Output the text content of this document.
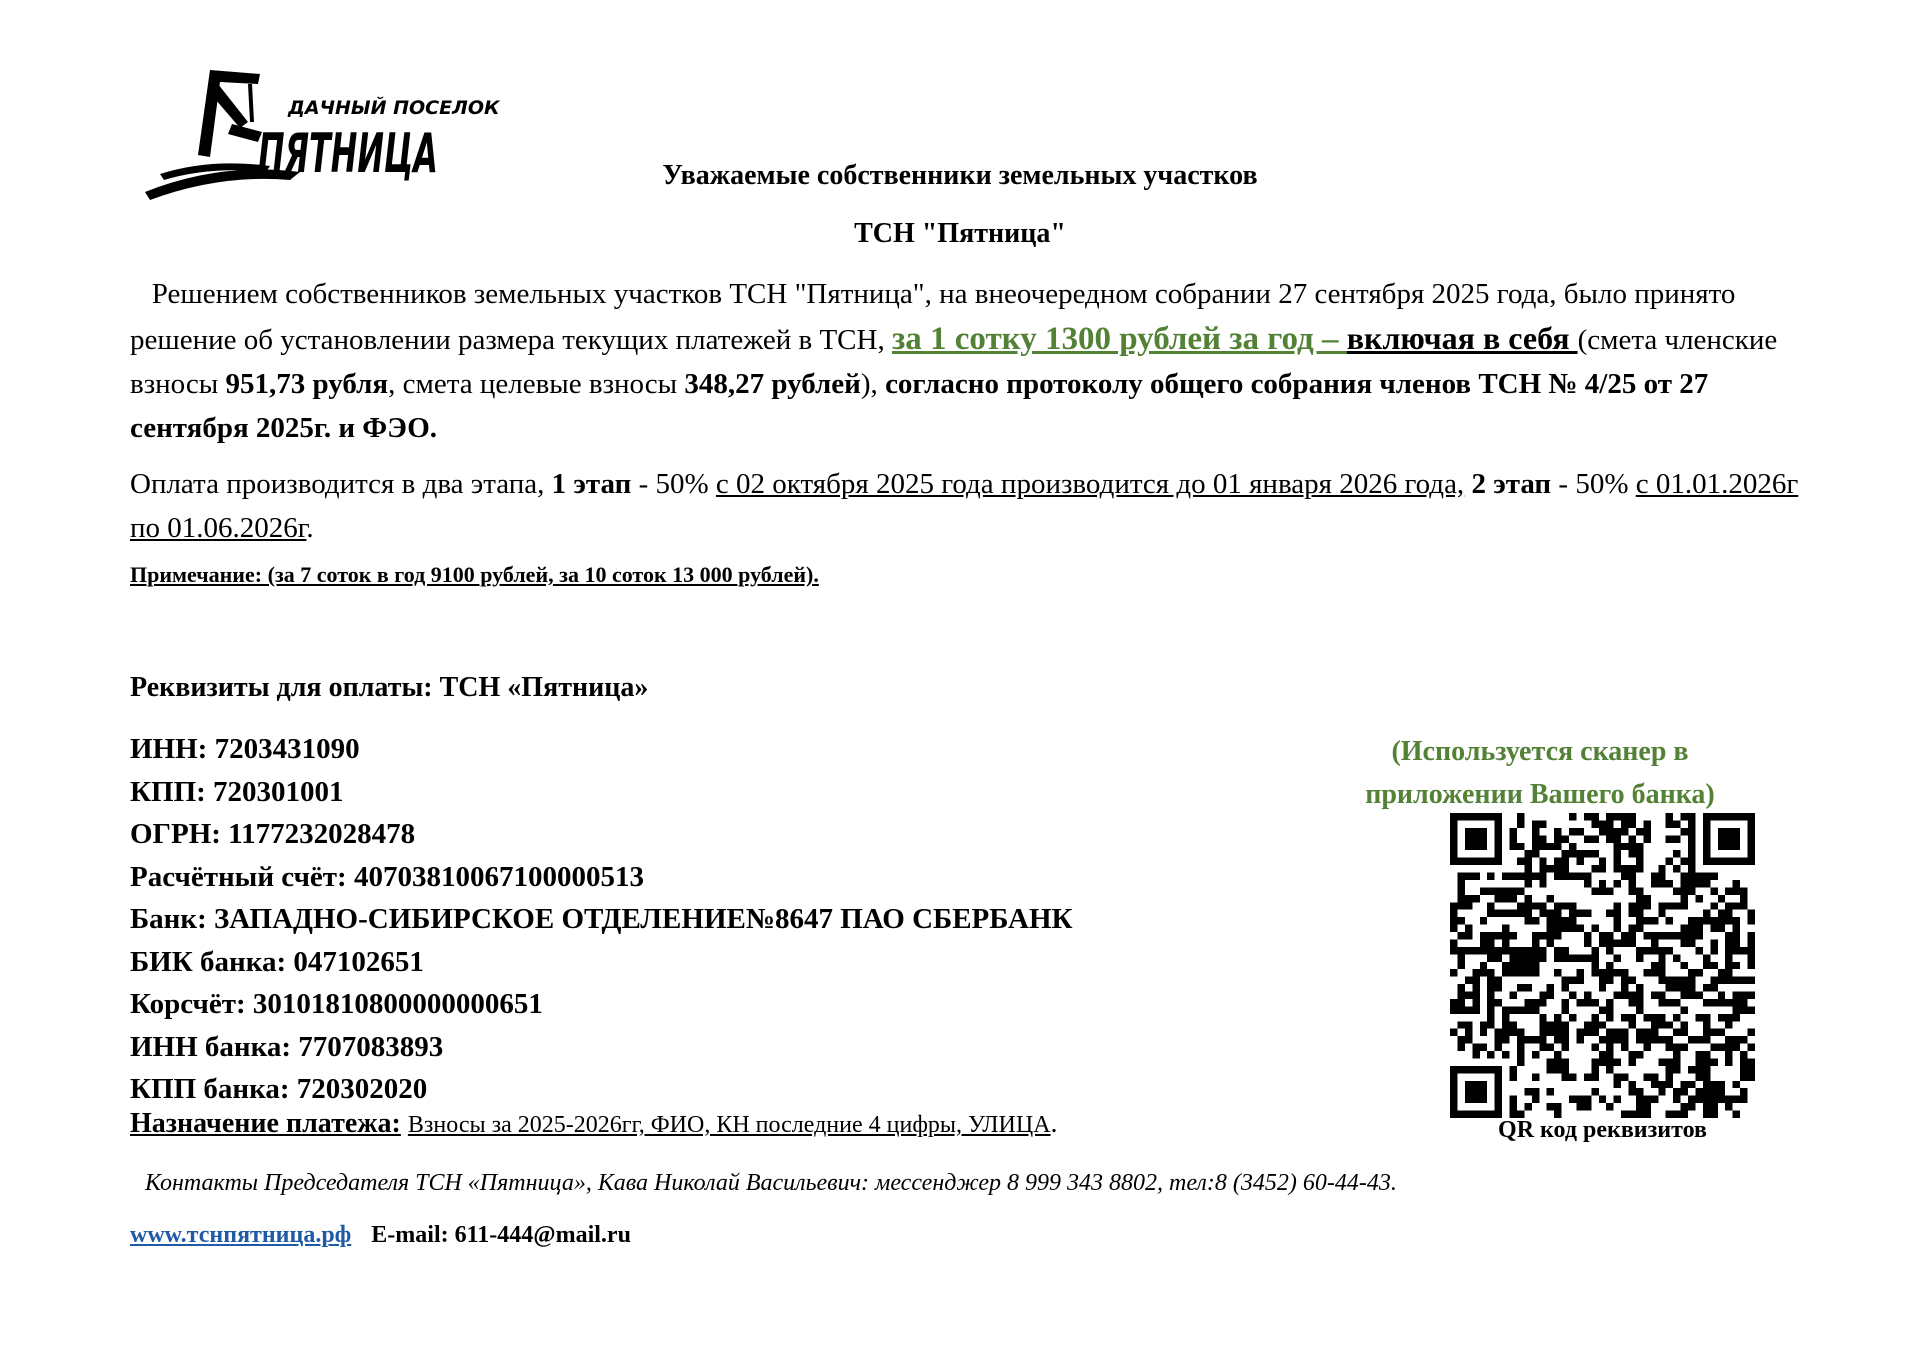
ДАЧНЫЙ ПОСЕЛОК
ПЯТНИЦА	Уважаемые собственники земельных участков
ТСН "Пятница"
Решением собственников земельных участков ТСН "Пятница", на внеочередном собрании 27 сентября 2025 года, было принято решение об установлении размера текущих платежей в ТСН, за 1 сотку 1300 рублей за год – включая в себя (смета членские взносы 951,73 рубля, смета целевые взносы 348,27 рублей), согласно протоколу общего собрания членов ТСН № 4/25 от 27 сентября 2025г. и ФЭО.
Оплата производится в два этапа, 1 этап - 50% с 02 октября 2025 года производится до 01 января 2026 года, 2 этап - 50% с 01.01.2026г по 01.06.2026г.
Примечание: (за 7 соток в год 9100 рублей, за 10 соток 13 000 рублей).
Реквизиты для оплаты: ТСН «Пятница»
ИНН: 7203431090
КПП: 720301001
ОГРН: 1177232028478
Расчётный счёт: 40703810067100000513
Банк: ЗАПАДНО-СИБИРСКОЕ ОТДЕЛЕНИЕ№8647 ПАО СБЕРБАНК
БИК банка: 047102651
Корсчёт: 30101810800000000651
ИНН банка: 7707083893
КПП банка: 720302020
Назначение платежа: Взносы за 2025-2026гг, ФИО, КН последние 4 цифры, УЛИЦА.
(Используется сканер в
приложении Вашего банка)
QR код реквизитов
Контакты Председателя ТСН «Пятница», Кава Николай Васильевич: мессенджер 8 999 343 8802, тел:8 (3452) 60-44-43.
www.тснпятница.рф E-mail: 611-444@mail.ru
